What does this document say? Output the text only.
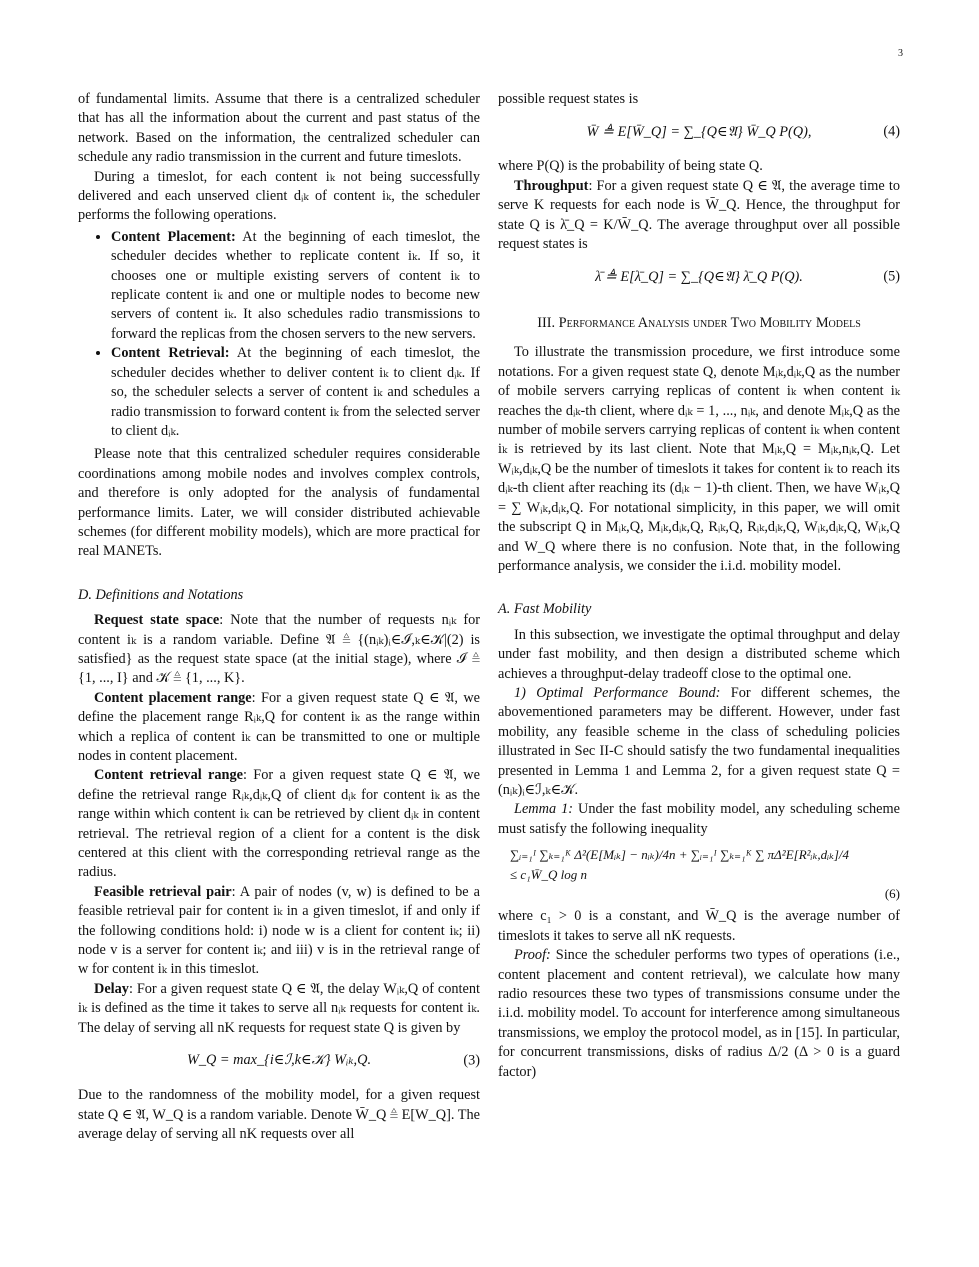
3

of fundamental limits. Assume that there is a centralized scheduler that has all the information about the current and past status of the network. Based on the information, the centralized scheduler can schedule any radio transmission in the current and future timeslots.

During a timeslot, for each content iₖ not being successfully delivered and each unserved client dᵢₖ of content iₖ, the scheduler performs the following operations.

• Content Placement: At the beginning of each timeslot, the scheduler decides whether to replicate content iₖ. If so, it chooses one or multiple existing servers of content iₖ to replicate content iₖ and one or multiple nodes to become new servers of content iₖ. It also schedules radio transmissions to forward the replicas from the chosen servers to the new servers.
• Content Retrieval: At the beginning of each timeslot, the scheduler decides whether to deliver content iₖ to client dᵢₖ. If so, the scheduler selects a server of content iₖ and schedules a radio transmission to forward content iₖ from the selected server to client dᵢₖ.

Please note that this centralized scheduler requires considerable coordinations among mobile nodes and involves complex controls, and therefore is only adopted for the analysis of fundamental performance limits. Later, we will consider distributed achievable schemes (for different mobility models), which are more practical for real MANETs.

D. Definitions and Notations

Request state space: Note that the number of requests nᵢₖ for content iₖ is a random variable. Define 𝔄 ≜ {(nᵢₖ)ᵢ∈ℐ,ₖ∈𝒦|(2) is satisfied} as the request state space (at the initial stage), where ℐ ≜ {1, ..., I} and 𝒦 ≜ {1, ..., K}.

Content placement range: For a given request state Q ∈ 𝔄, we define the placement range Rᵢₖ,Q for content iₖ as the range within which a replica of content iₖ can be transmitted to one or multiple nodes in content placement.

Content retrieval range: For a given request state Q ∈ 𝔄, we define the retrieval range Rᵢₖ,dᵢₖ,Q of client dᵢₖ for content iₖ as the range within which content iₖ can be retrieved by client dᵢₖ in content retrieval. The retrieval region of a client for a content is the disk centered at this client with the corresponding retrieval range as the radius.

Feasible retrieval pair: A pair of nodes (v, w) is defined to be a feasible retrieval pair for content iₖ in a given timeslot, if and only if the following conditions hold: i) node w is a client for content iₖ; ii) node v is a server for content iₖ; and iii) v is in the retrieval range of w for content iₖ in this timeslot.

Delay: For a given request state Q ∈ 𝔄, the delay Wᵢₖ,Q of content iₖ is defined as the time it takes to serve all nᵢₖ requests for content iₖ. The delay of serving all nK requests for request state Q is given by

W_Q = max_{i∈ℐ,k∈𝒦} Wᵢₖ,Q.	(3)

Due to the randomness of the mobility model, for a given request state Q ∈ 𝔄, W_Q is a random variable. Denote W̄_Q ≜ E[W_Q]. The average delay of serving all nK requests over all

possible request states is

W̄ ≜ E[W̄_Q] = ∑_{Q∈𝔄} W̄_Q P(Q),	(4)

where P(Q) is the probability of being state Q.

Throughput: For a given request state Q ∈ 𝔄, the average time to serve K requests for each node is W̄_Q. Hence, the throughput for state Q is λ̄_Q = K/W̄_Q. The average throughput over all possible request states is

λ̄ ≜ E[λ̄_Q] = ∑_{Q∈𝔄} λ̄_Q P(Q).	(5)
III. Performance Analysis under Two Mobility Models

To illustrate the transmission procedure, we first introduce some notations. For a given request state Q, denote Mᵢₖ,dᵢₖ,Q as the number of mobile servers carrying replicas of content iₖ when content iₖ reaches the dᵢₖ-th client, where dᵢₖ = 1, ..., nᵢₖ, and denote Mᵢₖ,Q as the number of mobile servers carrying replicas of content iₖ when content iₖ is retrieved by its last client. Note that Mᵢₖ,Q = Mᵢₖ,nᵢₖ,Q. Let Wᵢₖ,dᵢₖ,Q be the number of timeslots it takes for content iₖ to reach its dᵢₖ-th client after reaching its (dᵢₖ − 1)-th client. Then, we have Wᵢₖ,Q = ∑ Wᵢₖ,dᵢₖ,Q. For notational simplicity, in this paper, we will omit the subscript Q in Mᵢₖ,Q, Mᵢₖ,dᵢₖ,Q, Rᵢₖ,Q, Rᵢₖ,dᵢₖ,Q, Wᵢₖ,dᵢₖ,Q, Wᵢₖ,Q and W_Q where there is no confusion. Note that, in the following performance analysis, we consider the i.i.d. mobility model.

A. Fast Mobility

In this subsection, we investigate the optimal throughput and delay under fast mobility, and then design a distributed scheme which achieves a throughput-delay tradeoff close to the optimal one.

1) Optimal Performance Bound: For different schemes, the abovementioned parameters may be different. However, under fast mobility, any feasible scheme in the class of scheduling policies illustrated in Sec II-C should satisfy the two fundamental inequalities presented in Lemma 1 and Lemma 2, for a given request state Q = (nᵢₖ)ᵢ∈ℐ,ₖ∈𝒦.

Lemma 1: Under the fast mobility model, any scheduling scheme must satisfy the following inequality

∑ᵢ₌₁ᴵ ∑ₖ₌₁ᴷ Δ²(E[Mᵢₖ] − nᵢₖ)/4n + ∑ᵢ₌₁ᴵ ∑ₖ₌₁ᴷ ∑ πΔ²E[R²ᵢₖ,dᵢₖ]/4
≤ c₁W̄_Q log n
(6)

where c₁ > 0 is a constant, and W̄_Q is the average number of timeslots it takes to serve all nK requests.

Proof: Since the scheduler performs two types of operations (i.e., content placement and content retrieval), we calculate how many radio resources these two types of transmissions consume under the i.i.d. mobility model. To account for interference among simultaneous transmissions, we employ the protocol model, as in [15]. In particular, for concurrent transmissions, disks of radius Δ/2 (Δ > 0 is a guard factor)
